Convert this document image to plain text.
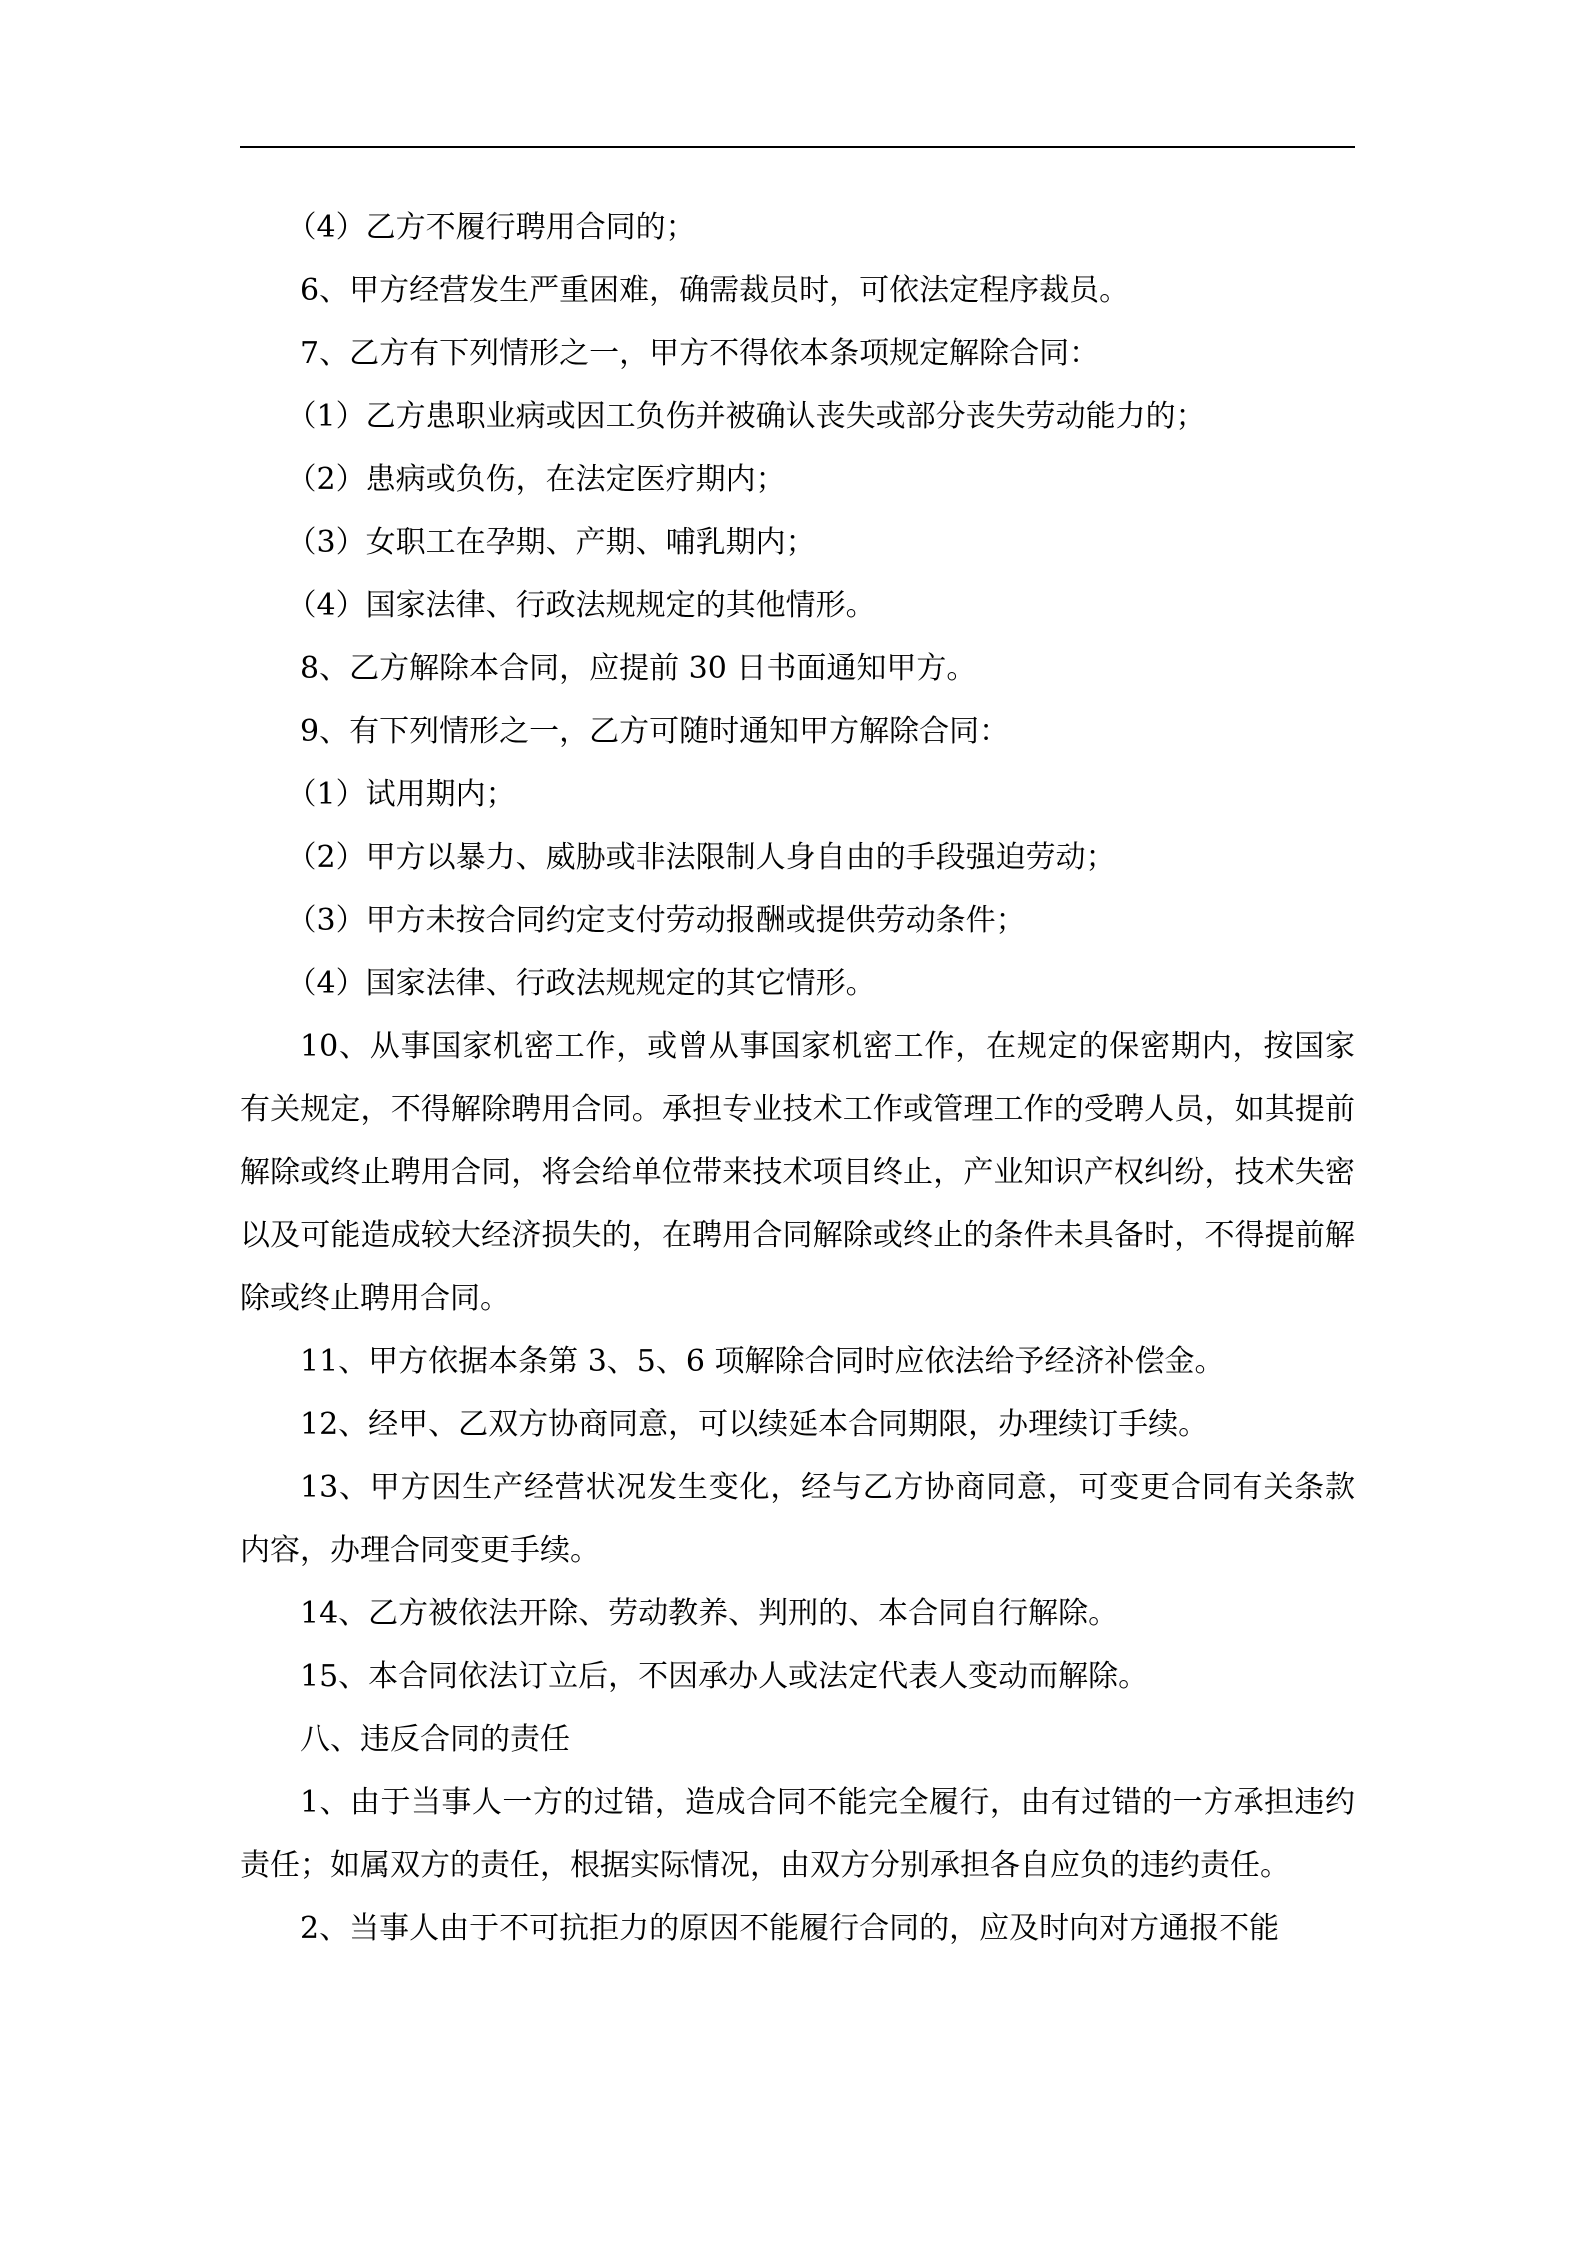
（4）乙方不履行聘用合同的；

6、甲方经营发生严重困难，确需裁员时，可依法定程序裁员。

7、乙方有下列情形之一，甲方不得依本条项规定解除合同：

（1）乙方患职业病或因工负伤并被确认丧失或部分丧失劳动能力的；

（2）患病或负伤，在法定医疗期内；

（3）女职工在孕期、产期、哺乳期内；

（4）国家法律、行政法规规定的其他情形。

8、乙方解除本合同，应提前 30 日书面通知甲方。

9、有下列情形之一，乙方可随时通知甲方解除合同：

（1）试用期内；

（2）甲方以暴力、威胁或非法限制人身自由的手段强迫劳动；

（3）甲方未按合同约定支付劳动报酬或提供劳动条件；

（4）国家法律、行政法规规定的其它情形。

10、从事国家机密工作，或曾从事国家机密工作，在规定的保密期内，按国家有关规定，不得解除聘用合同。承担专业技术工作或管理工作的受聘人员，如其提前解除或终止聘用合同，将会给单位带来技术项目终止，产业知识产权纠纷，技术失密以及可能造成较大经济损失的，在聘用合同解除或终止的条件未具备时，不得提前解除或终止聘用合同。

11、甲方依据本条第 3、5、6 项解除合同时应依法给予经济补偿金。

12、经甲、乙双方协商同意，可以续延本合同期限，办理续订手续。

13、甲方因生产经营状况发生变化，经与乙方协商同意，可变更合同有关条款内容，办理合同变更手续。

14、乙方被依法开除、劳动教养、判刑的、本合同自行解除。

15、本合同依法订立后，不因承办人或法定代表人变动而解除。

八、违反合同的责任

1、由于当事人一方的过错，造成合同不能完全履行，由有过错的一方承担违约责任；如属双方的责任，根据实际情况，由双方分别承担各自应负的违约责任。

2、当事人由于不可抗拒力的原因不能履行合同的，应及时向对方通报不能
